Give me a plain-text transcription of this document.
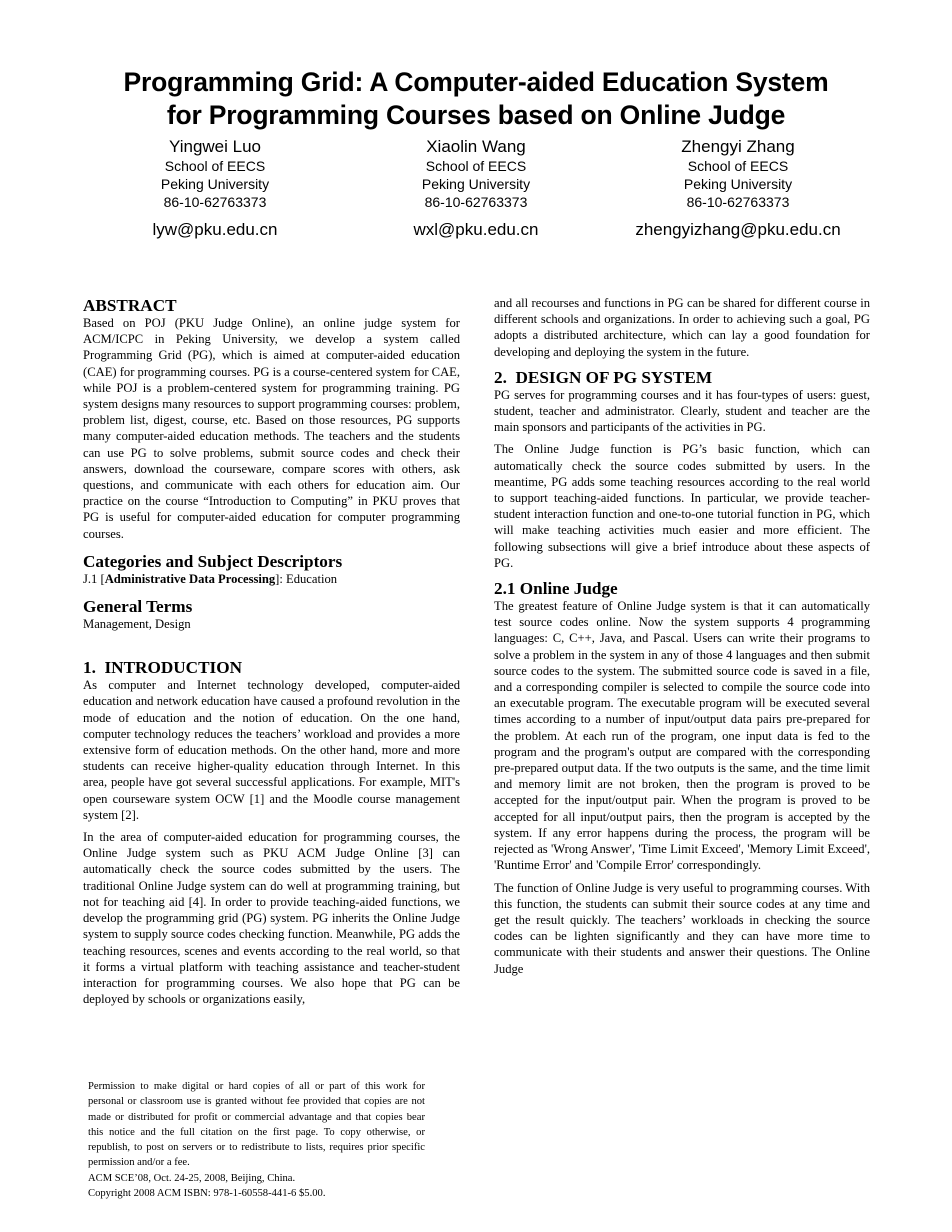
Programming Grid: A Computer-aided Education System
for Programming Courses based on Online Judge
Yingwei Luo
School of EECS
Peking University
86-10-62763373
lyw@pku.edu.cn
Xiaolin Wang
School of EECS
Peking University
86-10-62763373
wxl@pku.edu.cn
Zhengyi Zhang
School of EECS
Peking University
86-10-62763373
zhengyizhang@pku.edu.cn
ABSTRACT

Based on POJ (PKU Judge Online), an online judge system for ACM/ICPC in Peking University, we develop a system called Programming Grid (PG), which is aimed at computer-aided education (CAE) for programming courses. PG is a course-centered system for CAE, while POJ is a problem-centered system for programming training. PG system designs many resources to support programming courses: problem, problem list, digest, course, etc. Based on those resources, PG supports many computer-aided education methods. The teachers and the students can use PG to solve problems, submit source codes and check their answers, download the courseware, compare scores with others, ask questions, and communicate with each others for education aim. Our practice on the course “Introduction to Computing” in PKU proves that PG is useful for computer-aided education for computer programming courses.

Categories and Subject Descriptors

J.1 [Administrative Data Processing]: Education

General Terms

Management, Design

1.  INTRODUCTION

As computer and Internet technology developed, computer-aided education and network education have caused a profound revolution in the mode of education and the notion of education. On the one hand, computer technology reduces the teachers’ workload and provides a more extensive form of education methods. On the other hand, more and more students can receive higher-quality education through Internet. In this area, people have got several successful applications. For example, MIT's open courseware system OCW [1] and the Moodle course management system [2].

In the area of computer-aided education for programming courses, the Online Judge system such as PKU ACM Judge Online [3] can automatically check the source codes submitted by the users. The traditional Online Judge system can do well at programming training, but not for teaching aid [4]. In order to provide teaching-aided functions, we develop the programming grid (PG) system. PG inherits the Online Judge system to supply source codes checking function. Meanwhile, PG adds the teaching resources, scenes and events according to the real world, so that it forms a virtual platform with teaching assistance and teacher-student interaction for programming courses. We also hope that PG can be deployed by schools or organizations easily,

Permission to make digital or hard copies of all or part of this work for personal or classroom use is granted without fee provided that copies are not made or distributed for profit or commercial advantage and that copies bear this notice and the full citation on the first page. To copy otherwise, or republish, to post on servers or to redistribute to lists, requires prior specific permission and/or a fee.

ACM SCE’08, Oct. 24-25, 2008, Beijing, China.

Copyright 2008 ACM ISBN: 978-1-60558-441-6 $5.00.

and all recourses and functions in PG can be shared for different course in different schools and organizations. In order to achieving such a goal, PG adopts a distributed architecture, which can lay a good foundation for developing and deploying the system in the future.

2.  DESIGN OF PG SYSTEM

PG serves for programming courses and it has four-types of users: guest, student, teacher and administrator. Clearly, student and teacher are the main sponsors and participants of the activities in PG.

The Online Judge function is PG’s basic function, which can automatically check the source codes submitted by users. In the meantime, PG adds some teaching resources according to the real world to support teaching-aided functions. In particular, we provide teacher-student interaction function and one-to-one tutorial function in PG, which will make teaching activities much easier and more efficient. The following subsections will give a brief introduce about these aspects of PG.

2.1 Online Judge

The greatest feature of Online Judge system is that it can automatically test source codes online. Now the system supports 4 programming languages: C, C++, Java, and Pascal. Users can write their programs to solve a problem in the system in any of those 4 languages and then submit source codes to the system. The submitted source code is saved in a file, and a corresponding compiler is selected to compile the source code into an executable program. The executable program will be executed several times according to a number of input/output data pairs pre-prepared for the problem. At each run of the program, one input data is fed to the program and the program's output are compared with the corresponding pre-prepared output data. If the two outputs is the same, and the time limit and memory limit are not broken, then the program is proved to be accepted for the input/output pair. When the program is proved to be accepted for all input/output pairs, then the program is accepted by the system. If any error happens during the process, the program will be rejected as 'Wrong Answer', 'Time Limit Exceed', 'Memory Limit Exceed', 'Runtime Error' and 'Compile Error' correspondingly.

The function of Online Judge is very useful to programming courses. With this function, the students can submit their source codes at any time and get the result quickly. The teachers’ workloads in checking the source codes can be lighten significantly and they can have more time to communicate with their students and answer their questions. The Online Judge
